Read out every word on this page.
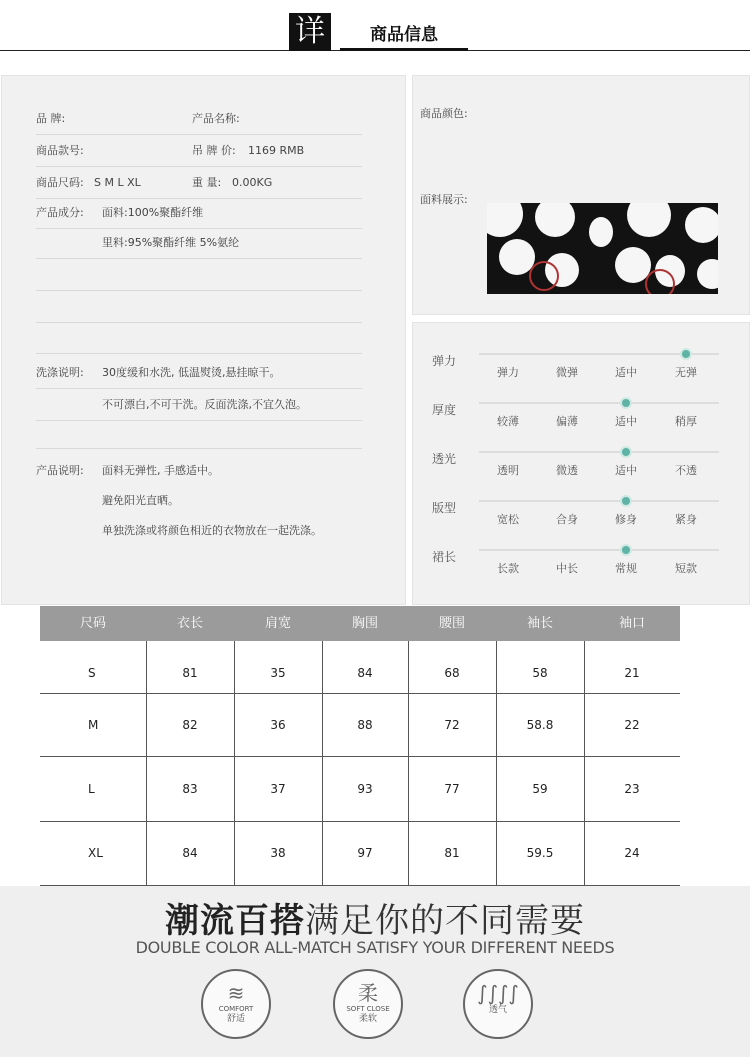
详	商品信息
品 牌:	产品名称:
商品款号:	吊 牌 价: 1169 RMB
商品尺码: S M L XL	重 量: 0.00KG
产品成分: 面料:100%聚酯纤维
里料:95%聚酯纤维 5%氨纶
洗涤说明: 30度缓和水洗, 低温熨烫,悬挂晾干。
不可漂白,不可干洗。反面洗涤,不宜久泡。
产品说明: 面料无弹性, 手感适中。
避免阳光直晒。
单独洗涤或将颜色相近的衣物放在一起洗涤。
商品颜色:
面料展示:
弹力
弹力	微弹	适中	无弹
厚度
较薄	偏薄	适中	稍厚
透光
透明	微透	适中	不透
版型
宽松	合身	修身	紧身
裙长
长款	中长	常规	短款
尺码	衣长	肩宽	胸围	腰围	袖长	袖口
S	81	35	84	68	58	21
M	82	36	88	72	58.8	22
L	83	37	93	77	59	23
XL	84	38	97	81	59.5	24
潮流百搭满足你的不同需要
DOUBLE COLOR ALL-MATCH SATISFY YOUR DIFFERENT NEEDS
≋
COMFORT
舒适
柔
SOFT CLOSE
柔软
∫∫∫∫
透气
